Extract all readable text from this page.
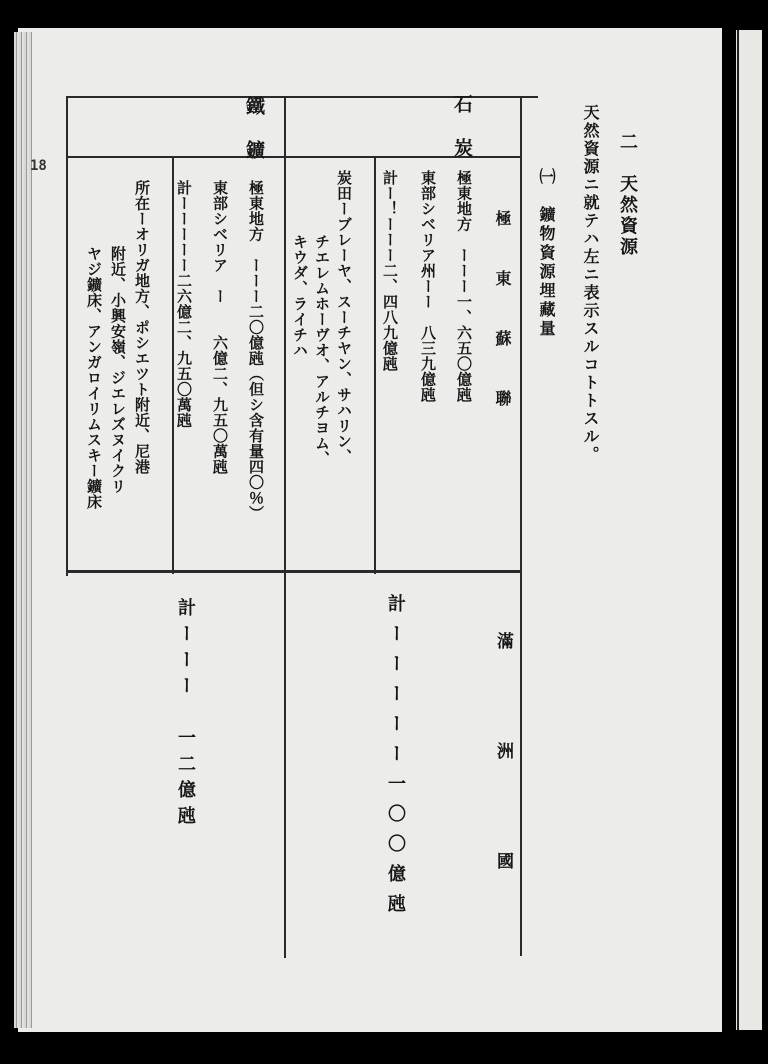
18	二　天然資源
天然資源ニ就テハ左ニ表示スルコトトスル。
㈠　鑛物資源埋藏量
極　東　蘇　聯
滿　洲　國
石　炭
鐵　鑛
極東地方　ーーー一、六五〇億瓲
東部シベリア州ーー　八三九億瓲
計ー！ーーー二、四八九億瓲
炭田ーブレーヤ、スーチヤン、サハリン、
チエレムホーヴオ、アルチヨム、
キウダ、ライチハ
計ーーーーー一〇〇億瓲
極東地方　ーーー二〇億瓲（但シ含有量四〇％）
東部シベリア　ー　　六億二、九五〇萬瓲
計ーーーーー二六億二、九五〇萬瓲
所在ーオリガ地方、ポシエツト附近、尼港
附近、小興安嶺、ジエレズヌイクリ
ヤジ鑛床、アンガロイリムスキー鑛床
計ーーー　一二億瓲
